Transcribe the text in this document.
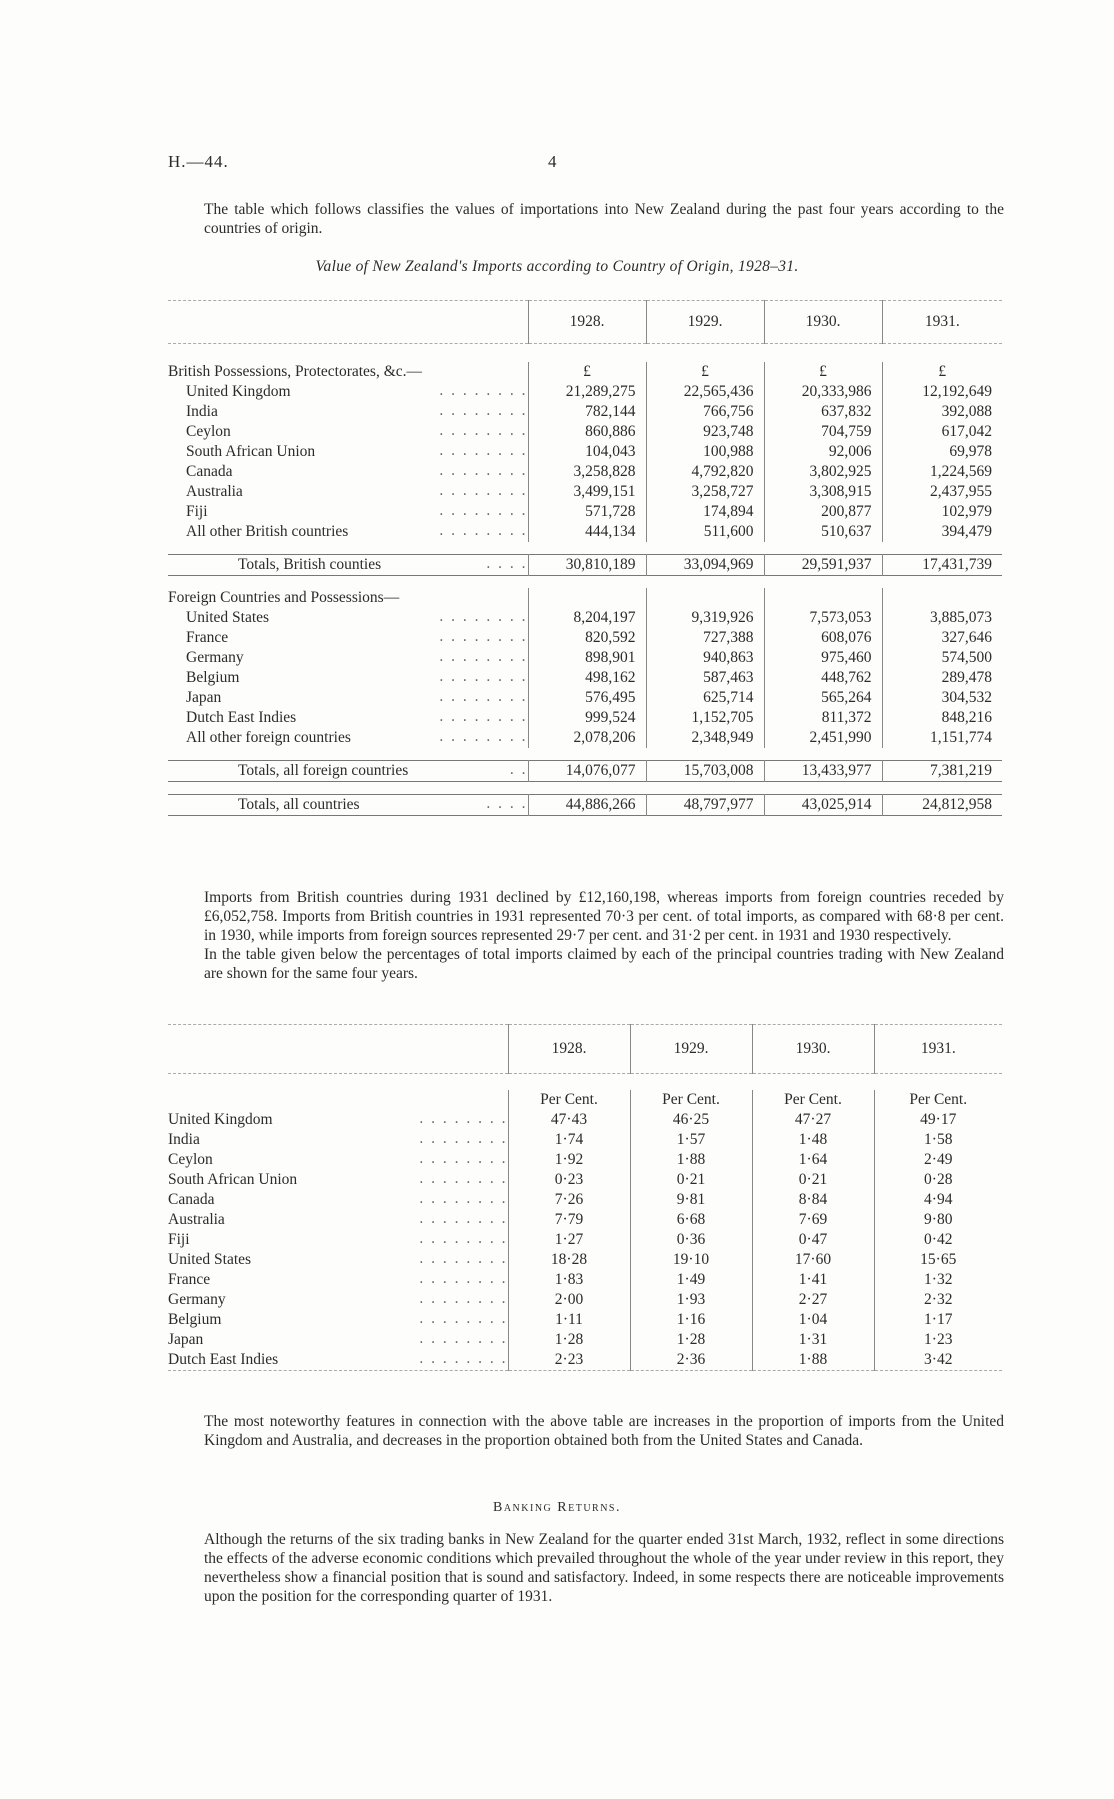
H.—44.	4
The table which follows classifies the values of importations into New Zealand during the past four years according to the countries of origin.
Value of New Zealand's Imports according to Country of Origin, 1928–31.
	1928.	1929.	1930.	1931.

British Possessions, Protectorates, &c.—	£	£	£	£
United Kingdom . . . . . . . .	21,289,275	22,565,436	20,333,986	12,192,649
India . . . . . . . .	782,144	766,756	637,832	392,088
Ceylon . . . . . . . .	860,886	923,748	704,759	617,042
South African Union . . . . . . . .	104,043	100,988	92,006	69,978
Canada . . . . . . . .	3,258,828	4,792,820	3,802,925	1,224,569
Australia . . . . . . . .	3,499,151	3,258,727	3,308,915	2,437,955
Fiji . . . . . . . .	571,728	174,894	200,877	102,979
All other British countries . . . . . . . .	444,134	511,600	510,637	394,479

Totals, British counties . . . .	30,810,189	33,094,969	29,591,937	17,431,739

Foreign Countries and Possessions—				
United States . . . . . . . .	8,204,197	9,319,926	7,573,053	3,885,073
France . . . . . . . .	820,592	727,388	608,076	327,646
Germany . . . . . . . .	898,901	940,863	975,460	574,500
Belgium . . . . . . . .	498,162	587,463	448,762	289,478
Japan . . . . . . . .	576,495	625,714	565,264	304,532
Dutch East Indies . . . . . . . .	999,524	1,152,705	811,372	848,216
All other foreign countries . . . . . . . .	2,078,206	2,348,949	2,451,990	1,151,774

Totals, all foreign countries . .	14,076,077	15,703,008	13,433,977	7,381,219

Totals, all countries . . . .	44,886,266	48,797,977	43,025,914	24,812,958

Imports from British countries during 1931 declined by £12,160,198, whereas imports from foreign countries receded by £6,052,758. Imports from British countries in 1931 represented 70·3 per cent. of total imports, as compared with 68·8 per cent. in 1930, while imports from foreign sources represented 29·7 per cent. and 31·2 per cent. in 1931 and 1930 respectively.
In the table given below the percentages of total imports claimed by each of the principal countries trading with New Zealand are shown for the same four years.
	1928.	1929.	1930.	1931.

	Per Cent.	Per Cent.	Per Cent.	Per Cent.
United Kingdom . . . . . . . .	47·43	46·25	47·27	49·17
India . . . . . . . .	1·74	1·57	1·48	1·58
Ceylon . . . . . . . .	1·92	1·88	1·64	2·49
South African Union . . . . . . . .	0·23	0·21	0·21	0·28
Canada . . . . . . . .	7·26	9·81	8·84	4·94
Australia . . . . . . . .	7·79	6·68	7·69	9·80
Fiji . . . . . . . .	1·27	0·36	0·47	0·42
United States . . . . . . . .	18·28	19·10	17·60	15·65
France . . . . . . . .	1·83	1·49	1·41	1·32
Germany . . . . . . . .	2·00	1·93	2·27	2·32
Belgium . . . . . . . .	1·11	1·16	1·04	1·17
Japan . . . . . . . .	1·28	1·28	1·31	1·23
Dutch East Indies . . . . . . . .	2·23	2·36	1·88	3·42

The most noteworthy features in connection with the above table are increases in the proportion of imports from the United Kingdom and Australia, and decreases in the proportion obtained both from the United States and Canada.
Banking Returns.
Although the returns of the six trading banks in New Zealand for the quarter ended 31st March, 1932, reflect in some directions the effects of the adverse economic conditions which prevailed throughout the whole of the year under review in this report, they nevertheless show a financial position that is sound and satisfactory. Indeed, in some respects there are noticeable improvements upon the position for the corresponding quarter of 1931.
